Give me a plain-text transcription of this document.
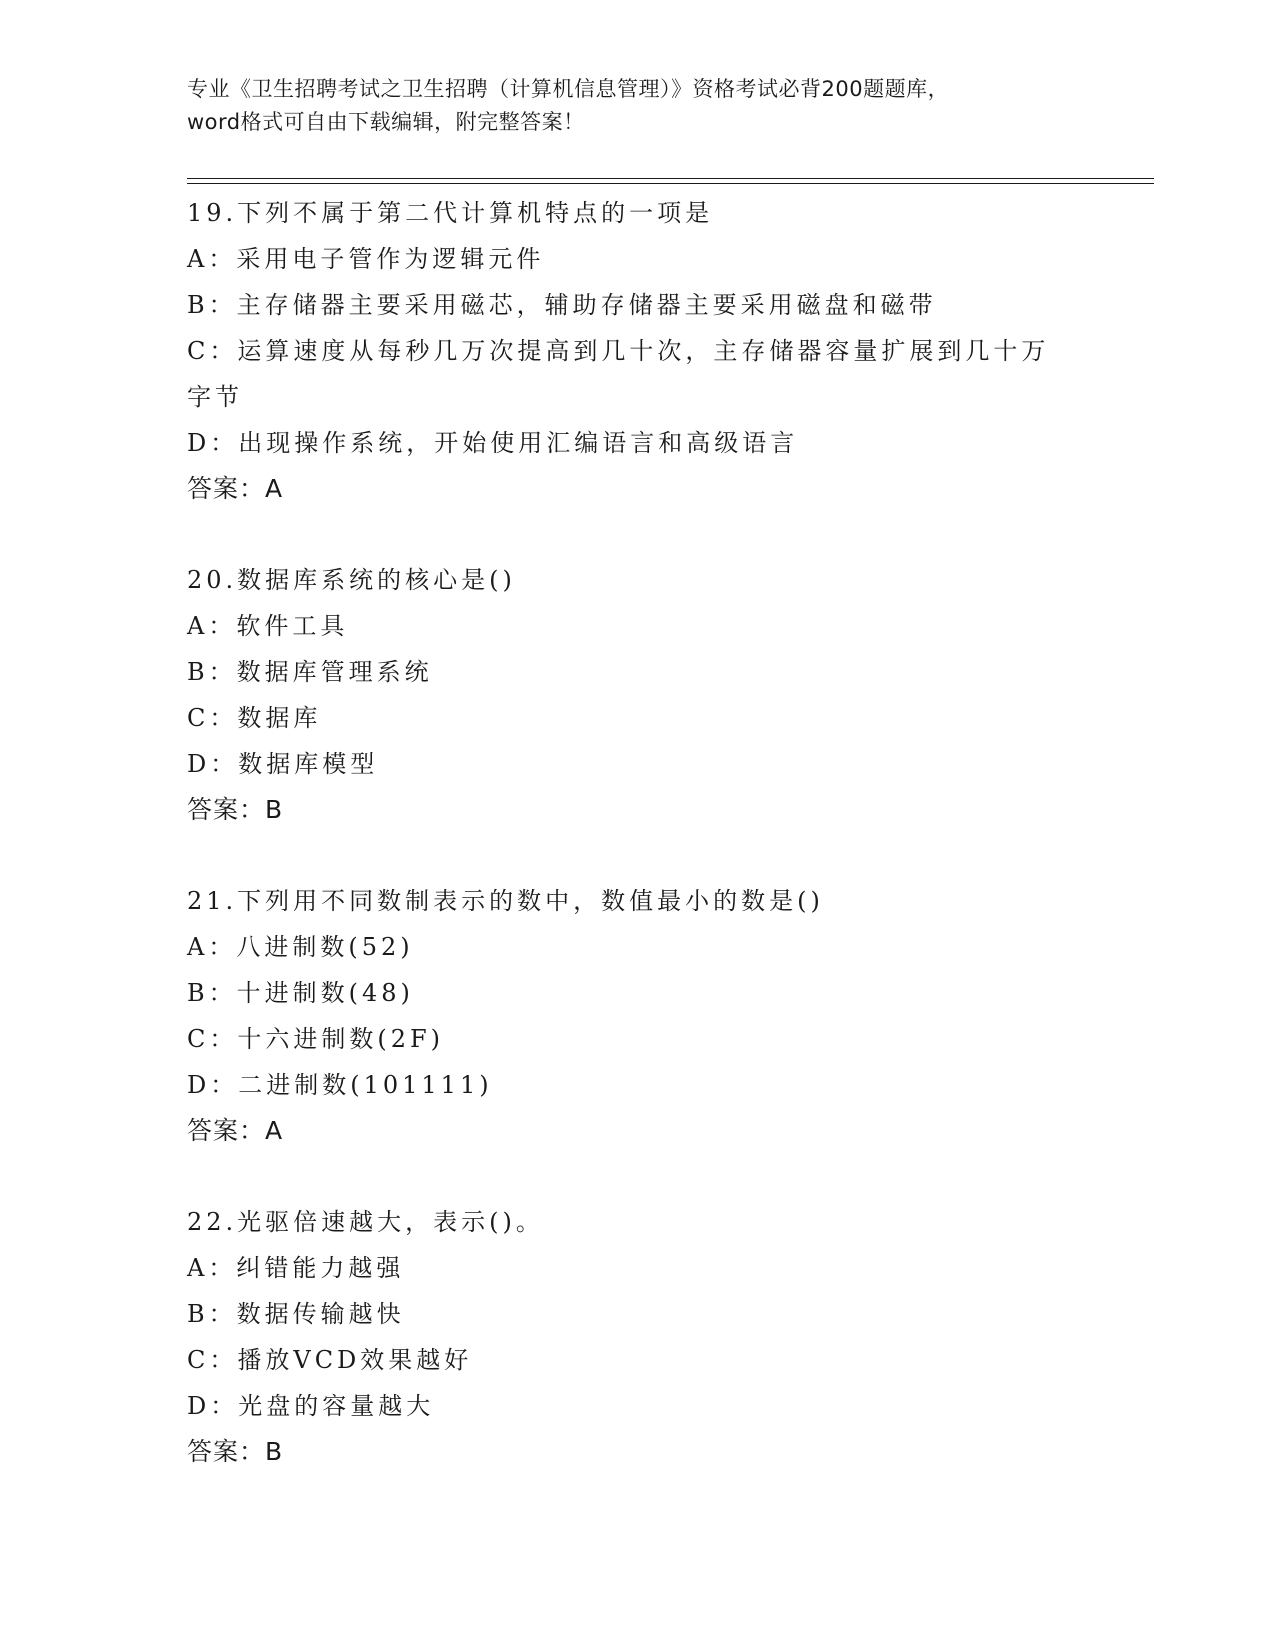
专业《卫生招聘考试之卫生招聘（计算机信息管理）》资格考试必背200题题库，
word格式可自由下载编辑，附完整答案！
19.下列不属于第二代计算机特点的一项是
A：采用电子管作为逻辑元件
B：主存储器主要采用磁芯，辅助存储器主要采用磁盘和磁带
C：运算速度从每秒几万次提高到几十次，主存储器容量扩展到几十万
字节
D：出现操作系统，开始使用汇编语言和高级语言
答案：A
20.数据库系统的核心是()
A：软件工具
B：数据库管理系统
C：数据库
D：数据库模型
答案：B
21.下列用不同数制表示的数中，数值最小的数是()
A：八进制数(52)
B：十进制数(48)
C：十六进制数(2F)
D：二进制数(101111)
答案：A
22.光驱倍速越大，表示()。
A：纠错能力越强
B：数据传输越快
C：播放VCD效果越好
D：光盘的容量越大
答案：B
